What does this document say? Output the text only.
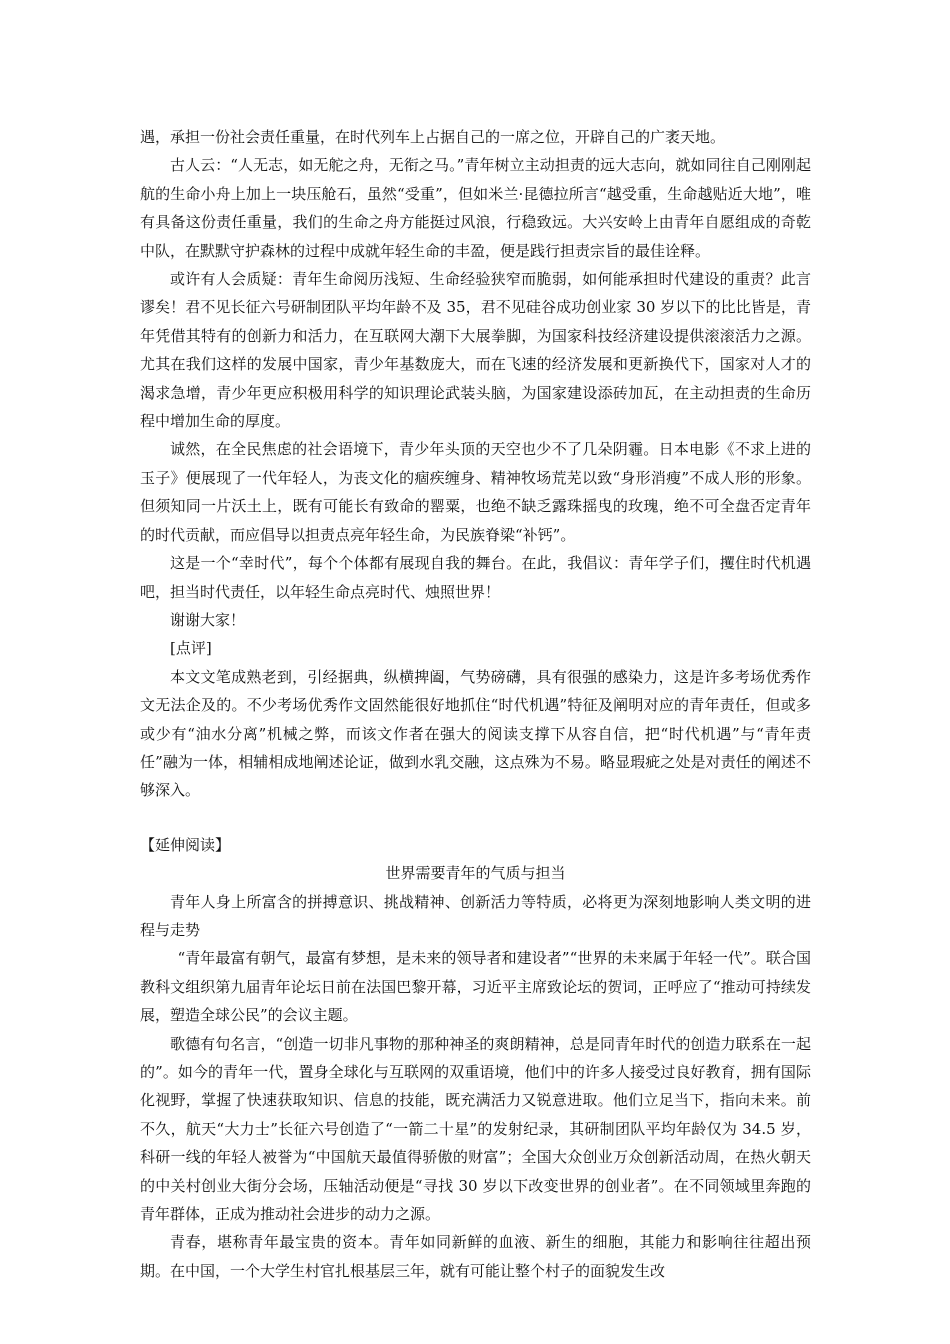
遇，承担一份社会责任重量，在时代列车上占据自己的一席之位，开辟自己的广袤天地。

古人云：“人无志，如无舵之舟，无衔之马。”青年树立主动担责的远大志向，就如同往自己刚刚起航的生命小舟上加上一块压舱石，虽然“受重”，但如米兰·昆德拉所言“越受重，生命越贴近大地”，唯有具备这份责任重量，我们的生命之舟方能挺过风浪，行稳致远。大兴安岭上由青年自愿组成的奇乾中队，在默默守护森林的过程中成就年轻生命的丰盈，便是践行担责宗旨的最佳诠释。

或许有人会质疑：青年生命阅历浅短、生命经验狭窄而脆弱，如何能承担时代建设的重责？此言谬矣！君不见长征六号研制团队平均年龄不及 35，君不见硅谷成功创业家 30 岁以下的比比皆是，青年凭借其特有的创新力和活力，在互联网大潮下大展拳脚，为国家科技经济建设提供滚滚活力之源。尤其在我们这样的发展中国家，青少年基数庞大，而在飞速的经济发展和更新换代下，国家对人才的渴求急增，青少年更应积极用科学的知识理论武装头脑，为国家建设添砖加瓦，在主动担责的生命历程中增加生命的厚度。

诚然，在全民焦虑的社会语境下，青少年头顶的天空也少不了几朵阴霾。日本电影《不求上进的玉子》便展现了一代年轻人，为丧文化的痼疾缠身、精神牧场荒芜以致“身形消瘦”不成人形的形象。但须知同一片沃土上，既有可能长有致命的罂粟，也绝不缺乏露珠摇曳的玫瑰，绝不可全盘否定青年的时代贡献，而应倡导以担责点亮年轻生命，为民族脊梁“补钙”。

这是一个“幸时代”，每个个体都有展现自我的舞台。在此，我倡议：青年学子们，攫住时代机遇吧，担当时代责任，以年轻生命点亮时代、烛照世界！

谢谢大家！

[点评]

本文文笔成熟老到，引经据典，纵横捭阖，气势磅礴，具有很强的感染力，这是许多考场优秀作文无法企及的。不少考场优秀作文固然能很好地抓住“时代机遇”特征及阐明对应的青年责任，但或多或少有“油水分离”机械之弊，而该文作者在强大的阅读支撑下从容自信，把“时代机遇”与“青年责任”融为一体，相辅相成地阐述论证，做到水乳交融，这点殊为不易。略显瑕疵之处是对责任的阐述不够深入。

【延伸阅读】

世界需要青年的气质与担当

青年人身上所富含的拼搏意识、挑战精神、创新活力等特质，必将更为深刻地影响人类文明的进程与走势

“青年最富有朝气，最富有梦想，是未来的领导者和建设者”“世界的未来属于年轻一代”。联合国教科文组织第九届青年论坛日前在法国巴黎开幕，习近平主席致论坛的贺词，正呼应了“推动可持续发展，塑造全球公民”的会议主题。

歌德有句名言，“创造一切非凡事物的那种神圣的爽朗精神，总是同青年时代的创造力联系在一起的”。如今的青年一代，置身全球化与互联网的双重语境，他们中的许多人接受过良好教育，拥有国际化视野，掌握了快速获取知识、信息的技能，既充满活力又锐意进取。他们立足当下，指向未来。前不久，航天“大力士”长征六号创造了“一箭二十星”的发射纪录，其研制团队平均年龄仅为 34.5 岁，科研一线的年轻人被誉为“中国航天最值得骄傲的财富”；全国大众创业万众创新活动周，在热火朝天的中关村创业大街分会场，压轴活动便是“寻找 30 岁以下改变世界的创业者”。在不同领域里奔跑的青年群体，正成为推动社会进步的动力之源。

青春，堪称青年最宝贵的资本。青年如同新鲜的血液、新生的细胞，其能力和影响往往超出预期。在中国，一个大学生村官扎根基层三年，就有可能让整个村子的面貌发生改
